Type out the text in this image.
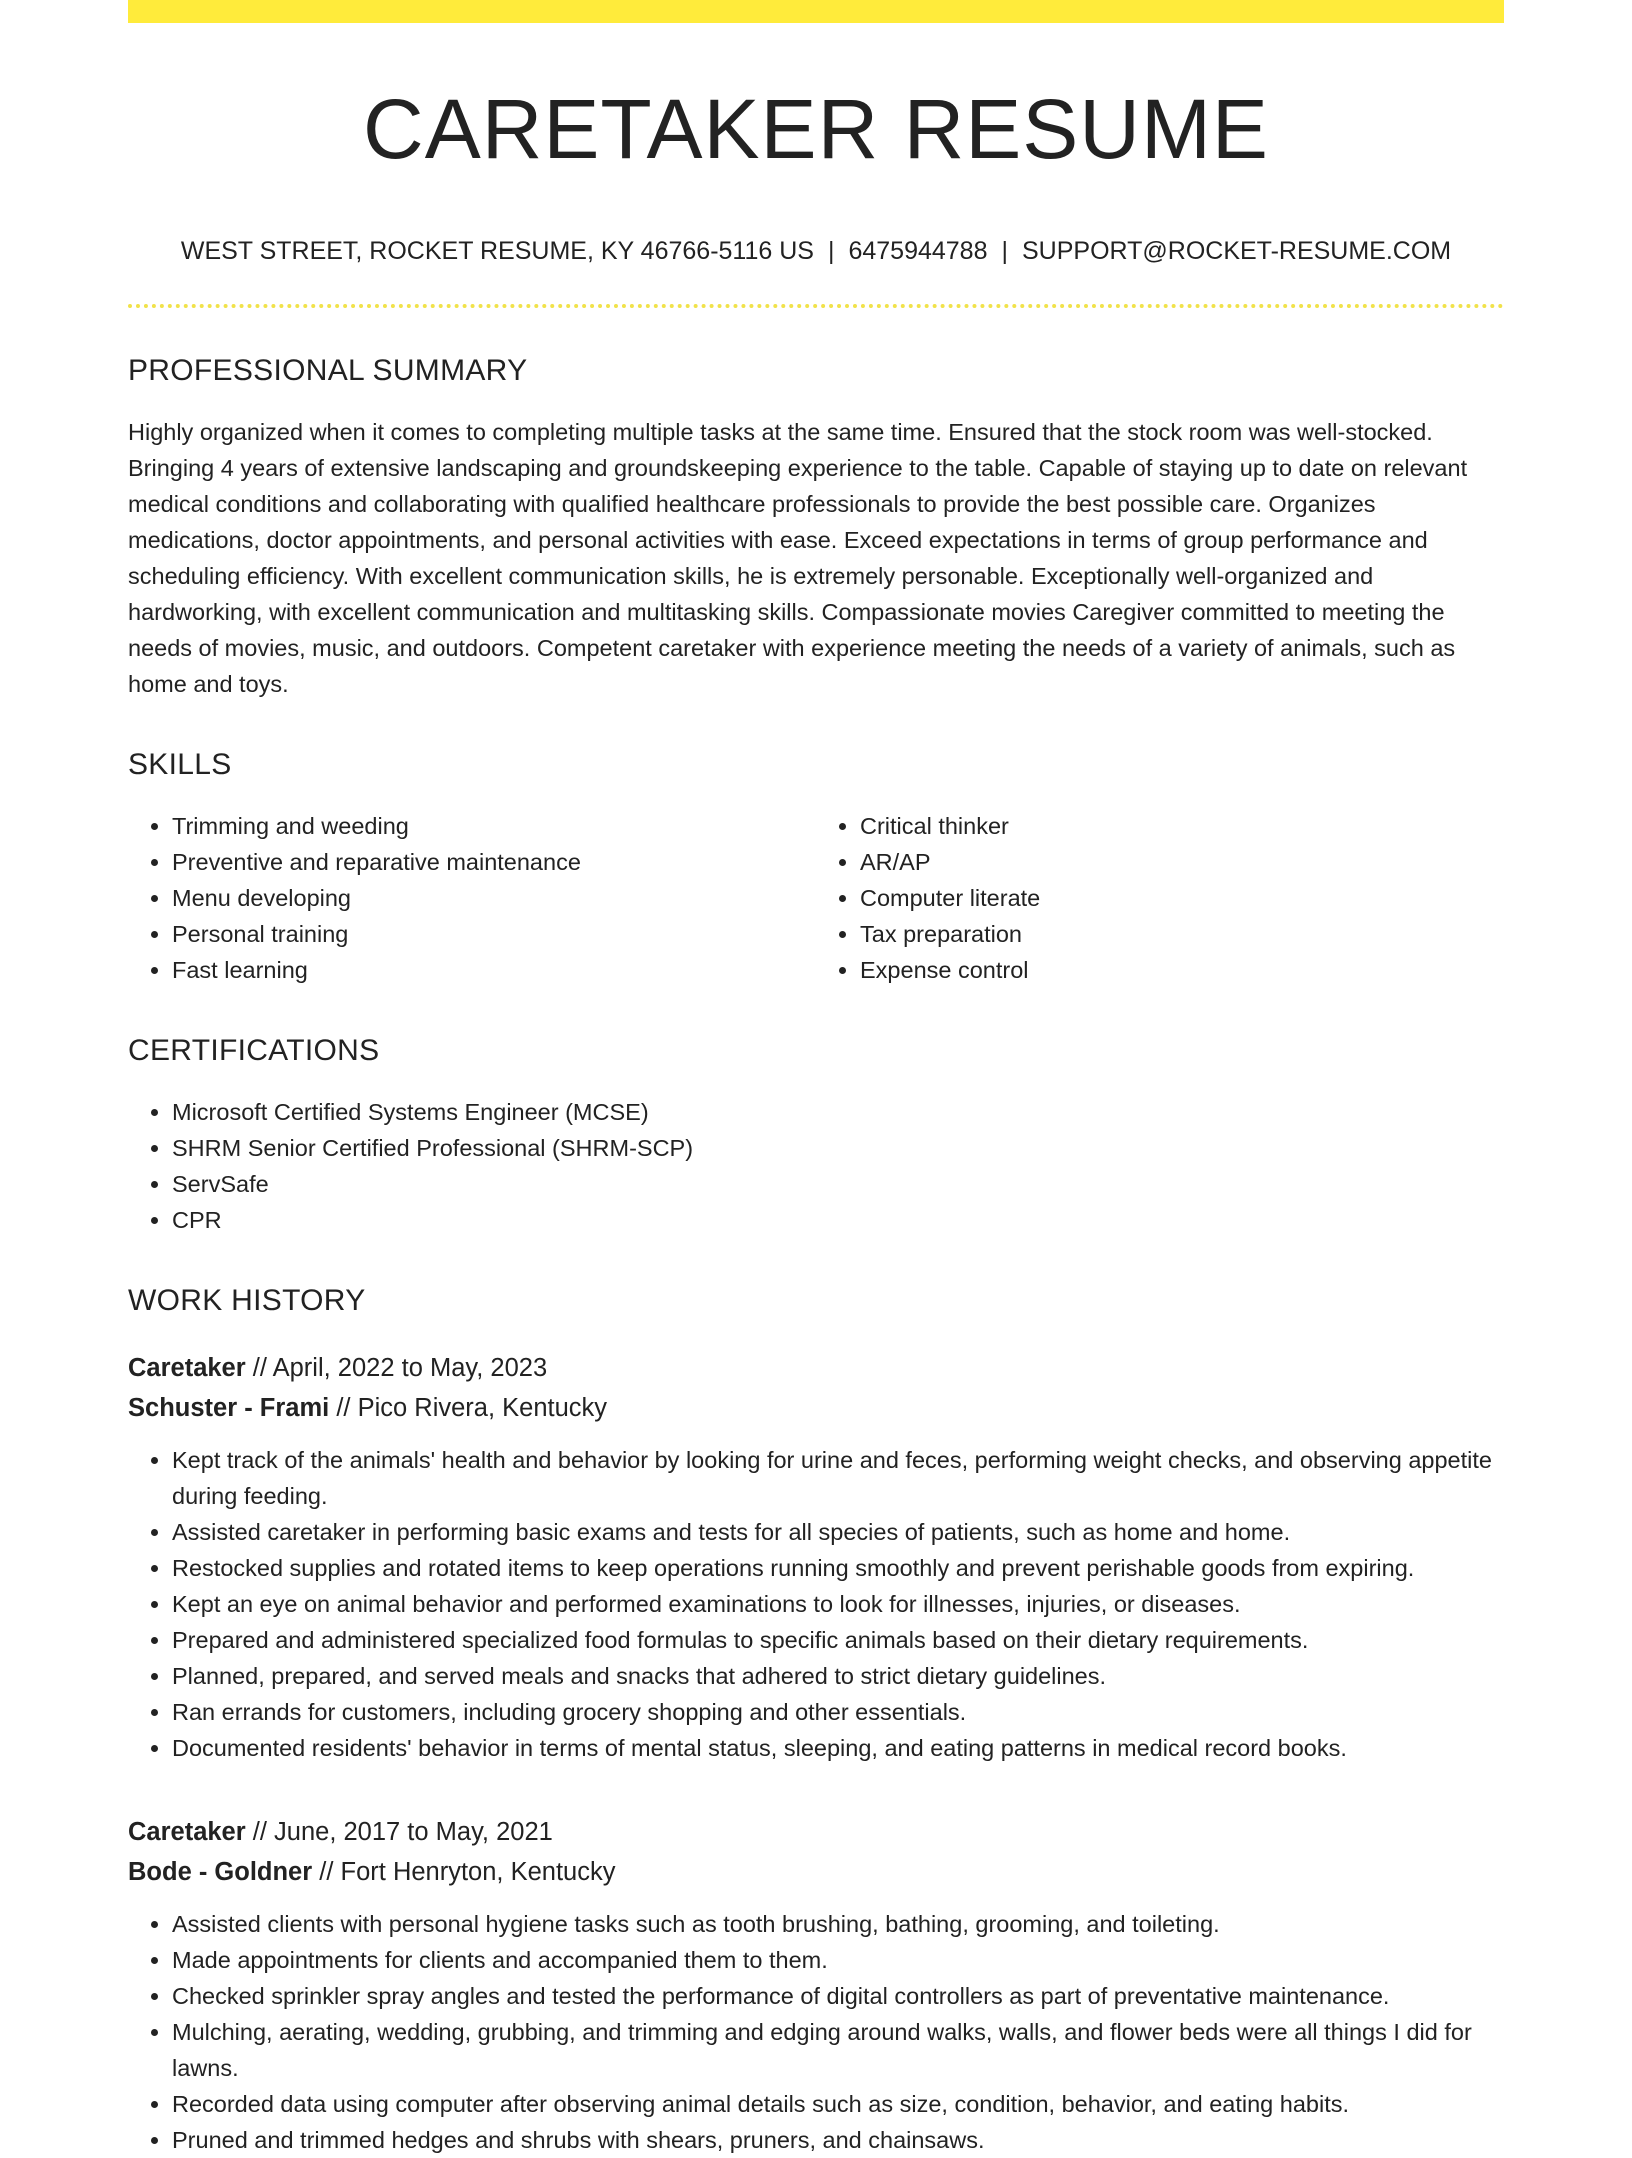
CARETAKER RESUME
WEST STREET, ROCKET RESUME, KY 46766-5116 US | 6475944788 | SUPPORT@ROCKET-RESUME.COM
PROFESSIONAL SUMMARY
Highly organized when it comes to completing multiple tasks at the same time. Ensured that the stock room was well-stocked. Bringing 4 years of extensive landscaping and groundskeeping experience to the table. Capable of staying up to date on relevant medical conditions and collaborating with qualified healthcare professionals to provide the best possible care. Organizes medications, doctor appointments, and personal activities with ease. Exceed expectations in terms of group performance and scheduling efficiency. With excellent communication skills, he is extremely personable. Exceptionally well-organized and hardworking, with excellent communication and multitasking skills. Compassionate movies Caregiver committed to meeting the needs of movies, music, and outdoors. Competent caretaker with experience meeting the needs of a variety of animals, such as home and toys.
SKILLS
• Trimming and weeding
• Preventive and reparative maintenance
• Menu developing
• Personal training
• Fast learning
• Critical thinker
• AR/AP
• Computer literate
• Tax preparation
• Expense control
CERTIFICATIONS
• Microsoft Certified Systems Engineer (MCSE)
• SHRM Senior Certified Professional (SHRM-SCP)
• ServSafe
• CPR
WORK HISTORY
Caretaker // April, 2022 to May, 2023
Schuster - Frami // Pico Rivera, Kentucky
• Kept track of the animals' health and behavior by looking for urine and feces, performing weight checks, and observing appetite during feeding.
• Assisted caretaker in performing basic exams and tests for all species of patients, such as home and home.
• Restocked supplies and rotated items to keep operations running smoothly and prevent perishable goods from expiring.
• Kept an eye on animal behavior and performed examinations to look for illnesses, injuries, or diseases.
• Prepared and administered specialized food formulas to specific animals based on their dietary requirements.
• Planned, prepared, and served meals and snacks that adhered to strict dietary guidelines.
• Ran errands for customers, including grocery shopping and other essentials.
• Documented residents' behavior in terms of mental status, sleeping, and eating patterns in medical record books.
Caretaker // June, 2017 to May, 2021
Bode - Goldner // Fort Henryton, Kentucky
• Assisted clients with personal hygiene tasks such as tooth brushing, bathing, grooming, and toileting.
• Made appointments for clients and accompanied them to them.
• Checked sprinkler spray angles and tested the performance of digital controllers as part of preventative maintenance.
• Mulching, aerating, wedding, grubbing, and trimming and edging around walks, walls, and flower beds were all things I did for lawns.
• Recorded data using computer after observing animal details such as size, condition, behavior, and eating habits.
• Pruned and trimmed hedges and shrubs with shears, pruners, and chainsaws.
